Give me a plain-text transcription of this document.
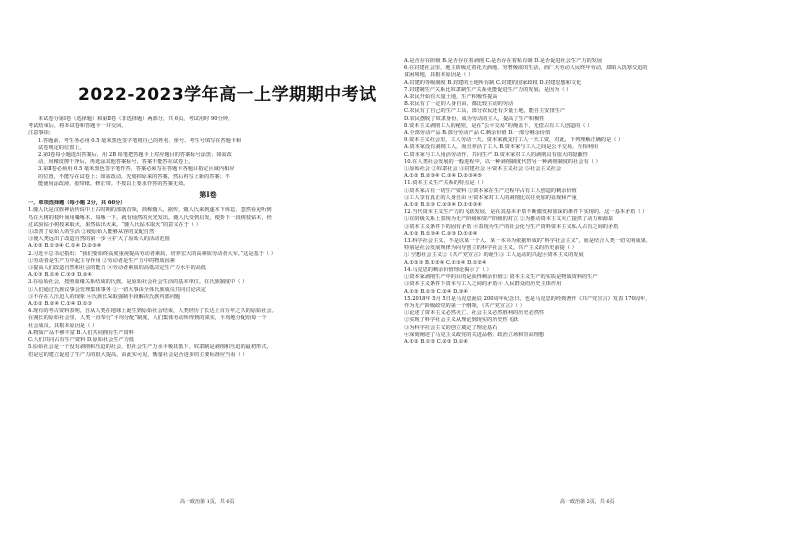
2022-2023学年高一上学期期中考试

本试卷分第Ⅰ卷（选择题）和第Ⅱ卷（非选择题）两部分，共 6页。考试用时 90分钟，

考试结束后，将本试卷和答题卡一并交回。

注意事项：

1.答题前，考生务必用 0.5 毫米黑色签字笔将自己的姓名、座号、考生号填写在答题卡和

试卷规定的位置上。

2.第Ⅰ卷每小题选出答案后，用 2B 铅笔把答题卡上对应题目的答案标号涂黑；如需改

动，用橡皮擦干净后，再选涂其他答案标号，答案不能答在试卷上。

3.第Ⅱ卷必须用 0.5 毫米黑色签字笔作答，答案必须写在答题卡各题目指定区域内相应

的位置，不能写在试卷上；如需改动，先划掉原来的答案，然后再写上新的答案；不

能使用涂改液、胶带纸、修正带。不按以上要求作答的答案无效。

第Ⅰ卷
一、单项选择题（每小题 2分，共 60分）

1.燧人氏是汉族神话传说中上古时期的部落首领，简称燧人，据传，燧人氏来到遂木下休息，忽然看见听到

鸟在大树的枝叶间用喙啄木，每啄一下，就有灿然的火光发出。燧人氏受到启发，便折下一段树枝钻木，经

过试验钻小树枝来取火，果然钻出火来。“燧人氏钻木取火”的意义在于（ ）

①改善了原始人的生活 ②使原始人能够从容的支配自然

③使人类远出了改造自然的第一步 ④扩大了原始人的活动范围

A.①② B.①③④ C.①④ D.②③④

2.习近平总书记指出：“我们要始终高度重视提高劳动者素质，培养宏大的高素质劳动者大军。”这是基于（ ）

①劳动者是生产力中起主导作用 ②劳动者是生产力中的物质因素

③提高人们改造自然和社会的能力 ④劳动者素质的高低决定生产力水平的高低

A.①③ B.①④ C.②③ D.②④

3.在原始社会，按照血缘关系结成的氏族，是原始社会社会生活的基本单位。在氏族制度中（ ）

①人们通过氏族议事会管理集体事务 ②一切大事由全体氏族成员共同讨论决定

③不存在人压迫人的现象 ④氏族长采取强制手段解决氏族内部问题

A.①② B.②④ C.①④ D.①③

4.现有的考古资料表明，自从人类在地球上诞生到原始社会结束，人类经历了长达上百万年之久的原始社会。

在漫长的原始社会里，人类一直奉行“平均分配”制度，人们集体劳动所得到的果实，平均地分配给每一个

社会成员。其根本原因是（ ）

A.物质产品不够丰富 B.人们共同拥有生产资料

C.人们共同占有生产资料 D.原始社会生产力低

5.原始社会是一个没有剥削和压迫的社会，但社会生产力水平极其低下。奴隶制是剥削和压迫的最初形式，

但是它的建立促进了生产力的很大提高，由此实可见，衡量社会是否进步的主要标准应当看（ ）

A.是否存在阶级 B.是否存在着剥削 C.是否存在着私有制 D.是否促进社会生产力的发展

6.在封建社会里，地主阶级过着花天酒地、穷奢极欲的生活，而广大劳动人民终年劳动，却陷入饥寒交迫的

贫困境地，其根本原因是（ ）

A.封建的等级制度 B.封建的土地所有制 C.封建的国家政权 D.封建思想和文化

7.封建制生产关系比奴隶制生产关系更能促进生产力的发展，是因为（ ）

A.农民开始有大量土地，生产积极性提高

B.农民有了一定的人身自由，都比较主动的劳动

C.农民有了自己的生产工具，部分农民还有少量土地，能自主安排生产

D.农民摆脱了奴隶身份，成为劳动的主人，提高了生产积极性

8.资本主义剥削工人的秘密，是在“公平交易”的掩盖下，无偿占有工人创造的（ ）

A.全部劳动产品 B.部分劳动产品 C.剩余价值 D.一部分剩余价值

9.资本主义社会里，工人劳动一天，资本家就支付工人一天工资，对此，下列理解正确的是（ ）

A.资本家没有剥削工人，而且养活了工人 B.资本家与工人之间是公平交易，互相利用

C.资本家与工人用活劳动作，共同生产 D.资本家对工人的剥削具有很大的隐蔽性

10.在人类社会发展的一般进程中，以一种剥削制度代替另一种剥削制度的社会有（ ）

①原始社会 ②奴隶社会 ③封建社会 ④资本主义社会 ⑤社会主义社会

A.①② B.②③④ C.③④ D.②③④⑤

11.资本主义生产关系的特点是（ ）

①资本家占有一切生产资料 ②资本家在生产过程中占有工人创造的剩余价值

③工人享有真正的人身自由 ④资本家对工人的剥削比以往更加的显现和严重

A.①② B.①③ C.②③④ D.①②③④

12.当代资本主义生产力的飞跃发展，是在其基本矛盾不断激发和加深的条件下实现的，这一基本矛盾（ ）

①在阶级关系上表现为无产阶级和资产阶级的对立 ②为推动资本主义灭亡提供了动力和源泉

③资本主义条件下的固有矛盾 ④表现为生产的社会化与生产资料资本主义私人占有之间的矛盾

A.①② B.①③④ C.②③ D.①②④

13.科学社会主义，不是以某一个人、某一本书为依据形成的“科学社会主义”，而是结合人类一切文明成果、

特别是社会发展规律为向导创立的科学社会主义。共产主义的历史前提（ ）

① 空想社会主义②《共产党宣言》的诞生③ 工人运动的兴起④资本主义的发展

A.①②③ B.①②④ C.①③④ D.①②④

14.马克思的剩余价值理论揭示了（ ）

①资本家剥削生产中的目的是获得剩余价值② 资本主义生产的实质是物质资料的生产

③资本主义条件下资本与工人之间的矛盾④ 人民群众的历史主体作用

A.①② B.①③ C.②④ D.③④

15.2018年 5月 5日是马克思诞辰 200周年纪念日，也是马克思的经典著作《共产党宣言》发表 170周年。

作为无产阶级政党的第一个纲领，《共产党宣言》（ ）

①论述了资本主义必然灭亡、社会主义必然胜利的历史必然性

②实现了科学社会主义从理论到现实的历史性飞跃

③为科学社会主义的创立奠定了理论基石

④深刻阐述了马克主义政党的关进品格、政治立场和崇高理想

A.①② B.①③ C.②③ D.①④

高一政治第 1页，共 6页	高一政治第 2页，共 6页
